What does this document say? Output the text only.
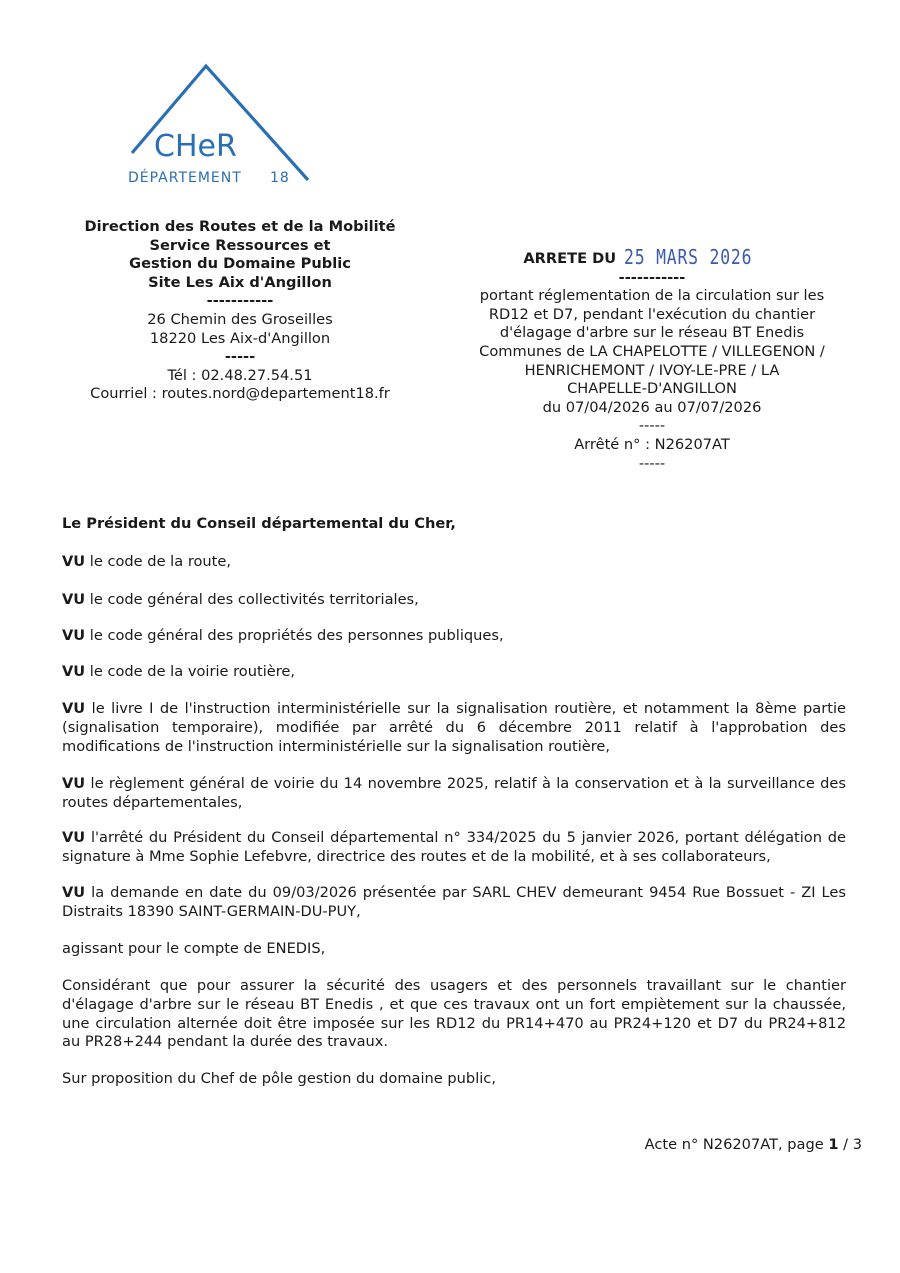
CHeR
DÉPARTEMENT 18
Direction des Routes et de la Mobilité
Service Ressources et
Gestion du Domaine Public
Site Les Aix d'Angillon
-----------
26 Chemin des Groseilles
18220 Les Aix-d'Angillon
-----
Tél : 02.48.27.54.51
Courriel : routes.nord@departement18.fr
ARRETE DU 25 MARS 2026
-----------
portant réglementation de la circulation sur les
RD12 et D7, pendant l'exécution du chantier
d'élagage d'arbre sur le réseau BT Enedis
Communes de LA CHAPELOTTE / VILLEGENON /
HENRICHEMONT / IVOY-LE-PRE / LA
CHAPELLE-D'ANGILLON
du 07/04/2026 au 07/07/2026
-----
Arrêté n° : N26207AT
-----
Le Président du Conseil départemental du Cher,
VU le code de la route,
VU le code général des collectivités territoriales,
VU le code général des propriétés des personnes publiques,
VU le code de la voirie routière,
VU le livre I de l'instruction interministérielle sur la signalisation routière, et notamment la 8ème partie (signalisation temporaire), modifiée par arrêté du 6 décembre 2011 relatif à l'approbation des modifications de l'instruction interministérielle sur la signalisation routière,
VU le règlement général de voirie du 14 novembre 2025, relatif à la conservation et à la surveillance des routes départementales,
VU l'arrêté du Président du Conseil départemental n° 334/2025 du 5 janvier 2026, portant délégation de signature à Mme Sophie Lefebvre, directrice des routes et de la mobilité, et à ses collaborateurs,
VU la demande en date du 09/03/2026 présentée par SARL CHEV demeurant 9454 Rue Bossuet - ZI Les Distraits 18390 SAINT-GERMAIN-DU-PUY,
agissant pour le compte de ENEDIS,
Considérant que pour assurer la sécurité des usagers et des personnels travaillant sur le chantier d'élagage d'arbre sur le réseau BT Enedis , et que ces travaux ont un fort empiètement sur la chaussée, une circulation alternée doit être imposée sur les RD12 du PR14+470 au PR24+120 et D7 du PR24+812 au PR28+244 pendant la durée des travaux.
Sur proposition du Chef de pôle gestion du domaine public,
Acte n° N26207AT, page 1 / 3
